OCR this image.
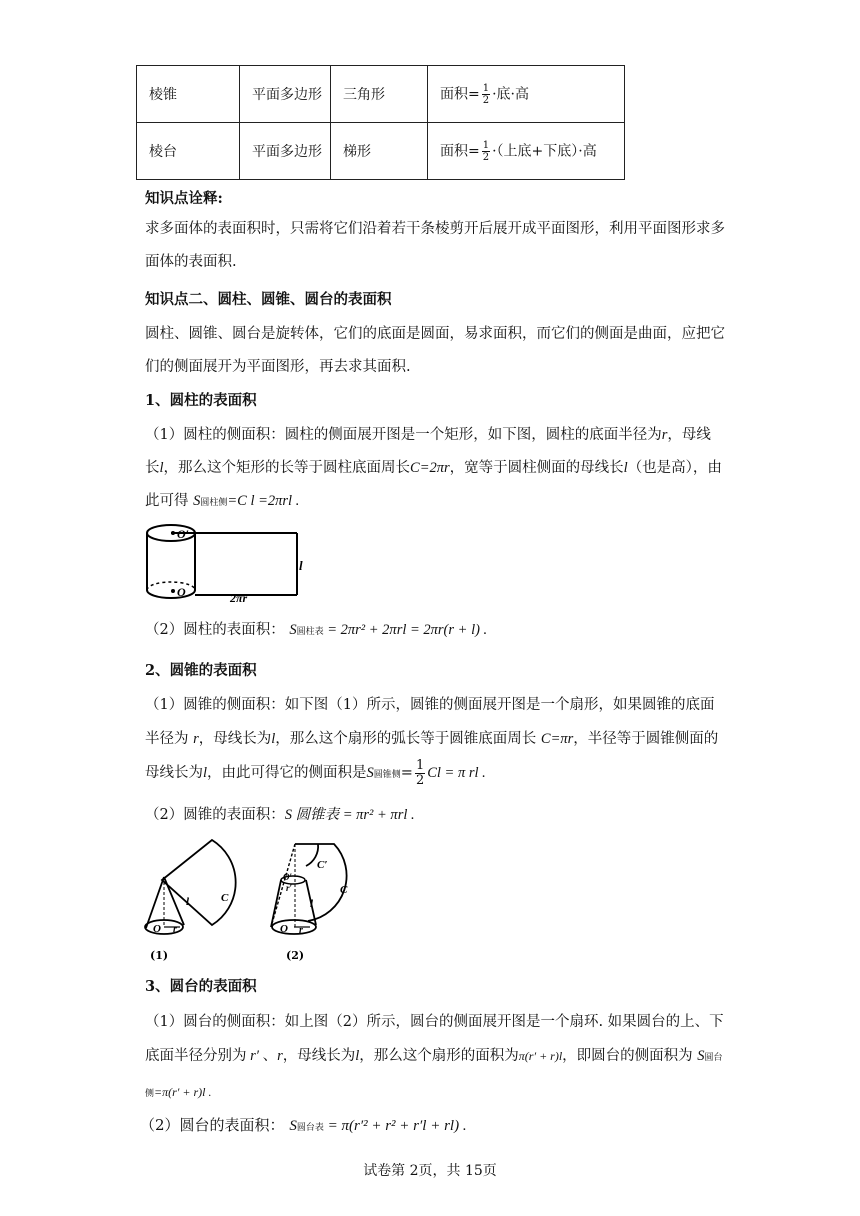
棱锥	平面多边形	三角形	面积= $\frac{1}{2}$ ·底·高
棱台	平面多边形	梯形	面积= $\frac{1}{2}$ ·（上底+下底）·高
知识点诠释:
求多面体的表面积时，只需将它们沿着若干条棱剪开后展开成平面图形，利用平面图形求多面体的表面积.
知识点二、圆柱、圆锥、圆台的表面积
圆柱、圆锥、圆台是旋转体，它们的底面是圆面，易求面积，而它们的侧面是曲面，应把它们的侧面展开为平面图形，再去求其面积.
1、圆柱的表面积
（1）圆柱的侧面积：圆柱的侧面展开图是一个矩形，如下图，圆柱的底面半径为r，母线长l，那么这个矩形的长等于圆柱底面周长C=2πr，宽等于圆柱侧面的母线长l（也是高），由此可得 S圆柱侧=C l =2πrl .
O′
O
l
2πr
（2）圆柱的表面积： S圆柱表 = 2πr² + 2πrl = 2πr(r + l) .
2、圆锥的表面积
（1）圆锥的侧面积：如下图（1）所示，圆锥的侧面展开图是一个扇形，如果圆锥的底面半径为 r，母线长为l，那么这个扇形的弧长等于圆锥底面周长 C=πr，半径等于圆锥侧面的母线长为l，由此可得它的侧面积是S圆锥侧= $\frac{1}{2}$ Cl = π rl .
（2）圆锥的表面积：S 圆锥表 = πr² + πrl .
O r
l	C
(1)
O′
r′
C′
C
l
O r
(2)
3、圆台的表面积
（1）圆台的侧面积：如上图（2）所示，圆台的侧面展开图是一个扇环. 如果圆台的上、下底面半径分别为 r′ 、r，母线长为l，那么这个扇形的面积为π(r′ + r)l，即圆台的侧面积为 S圆台侧=π(r′ + r)l .
（2）圆台的表面积： S圆台表 = π(r′² + r² + r′l + rl) .
试卷第 2页，共 15页
